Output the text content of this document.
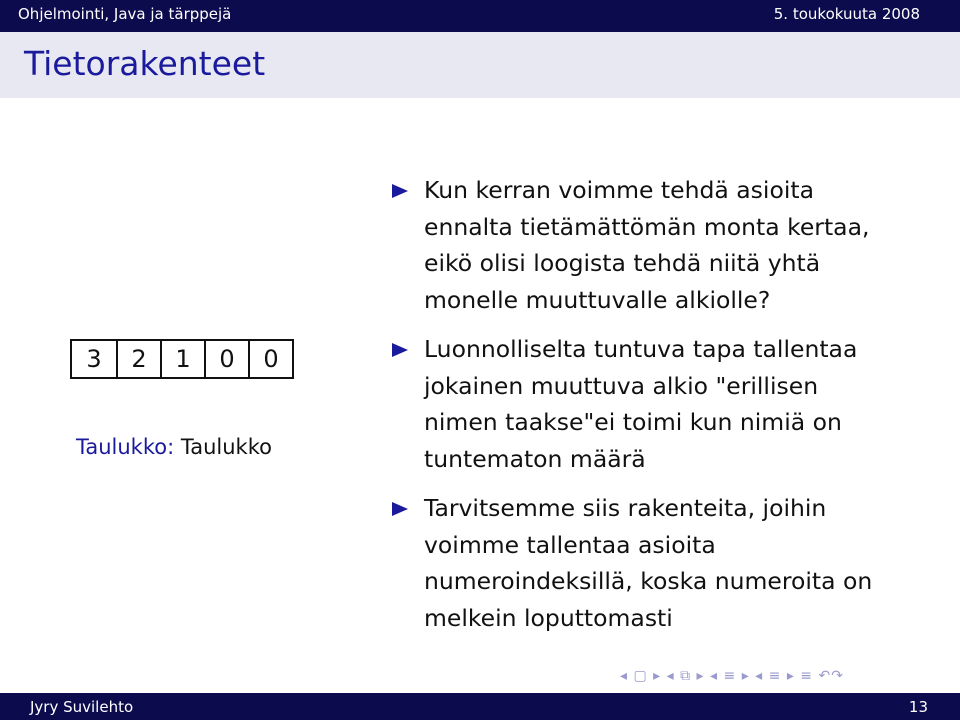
Ohjelmointi, Java ja tärppejä	5. toukokuuta 2008
Tietorakenteet
3	2	1	0	0
Taulukko: Taulukko
Kun kerran voimme tehdä asioita
ennalta tietämättömän monta kertaa,
eikö olisi loogista tehdä niitä yhtä
monelle muuttuvalle alkiolle?
Luonnolliselta tuntuva tapa tallentaa
jokainen muuttuva alkio "erillisen
nimen taakse"ei toimi kun nimiä on
tuntematon määrä
Tarvitsemme siis rakenteita, joihin
voimme tallentaa asioita
numeroindeksillä, koska numeroita on
melkein loputtomasti
◂ ▢ ▸ ◂ ⧉ ▸ ◂ ≡ ▸ ◂ ≡ ▸ ≡ ↶↷
Jyry Suvilehto	13
